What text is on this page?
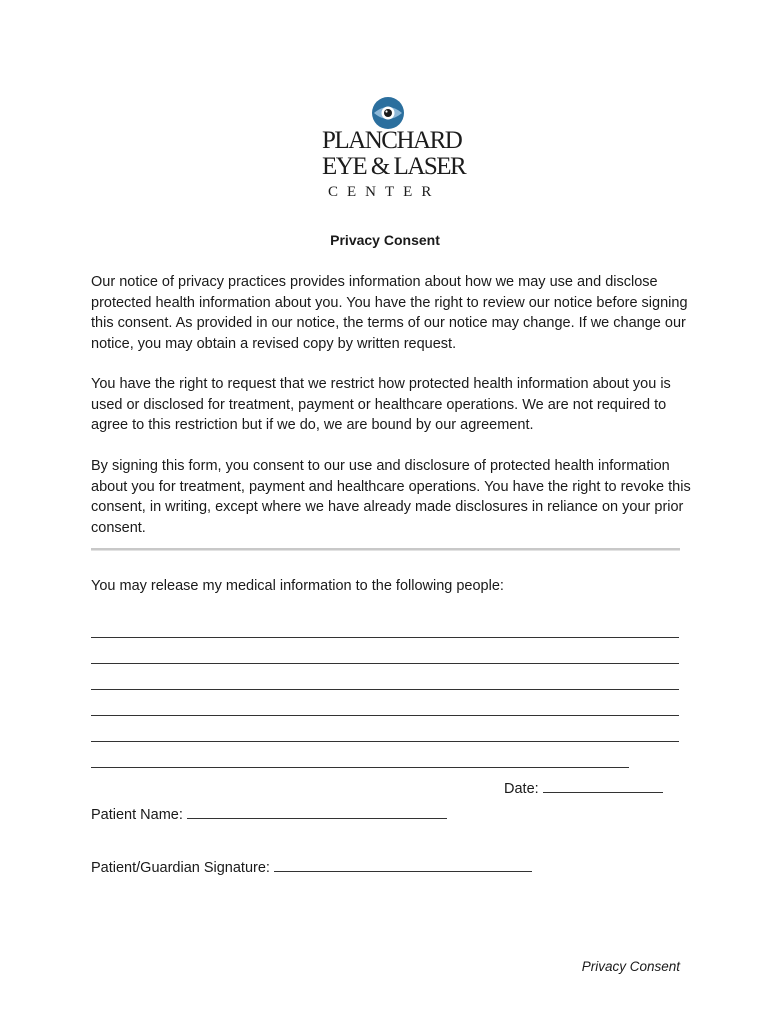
PLANCHARD
EYE & LASER
CENTER
Privacy Consent

Our notice of privacy practices provides information about how we may use and disclose protected health information about you. You have the right to review our notice before signing this consent. As provided in our notice, the terms of our notice may change. If we change our notice, you may obtain a revised copy by written request.

You have the right to request that we restrict how protected health information about you is used or disclosed for treatment, payment or healthcare operations. We are not required to agree to this restriction but if we do, we are bound by our agreement.

By signing this form, you consent to our use and disclosure of protected health information about you for treatment, payment and healthcare operations. You have the right to revoke this consent, in writing, except where we have already made disclosures in reliance on your prior consent.

You may release my medical information to the following people:
Date:
Patient Name:
Patient/Guardian Signature:
Privacy Consent
